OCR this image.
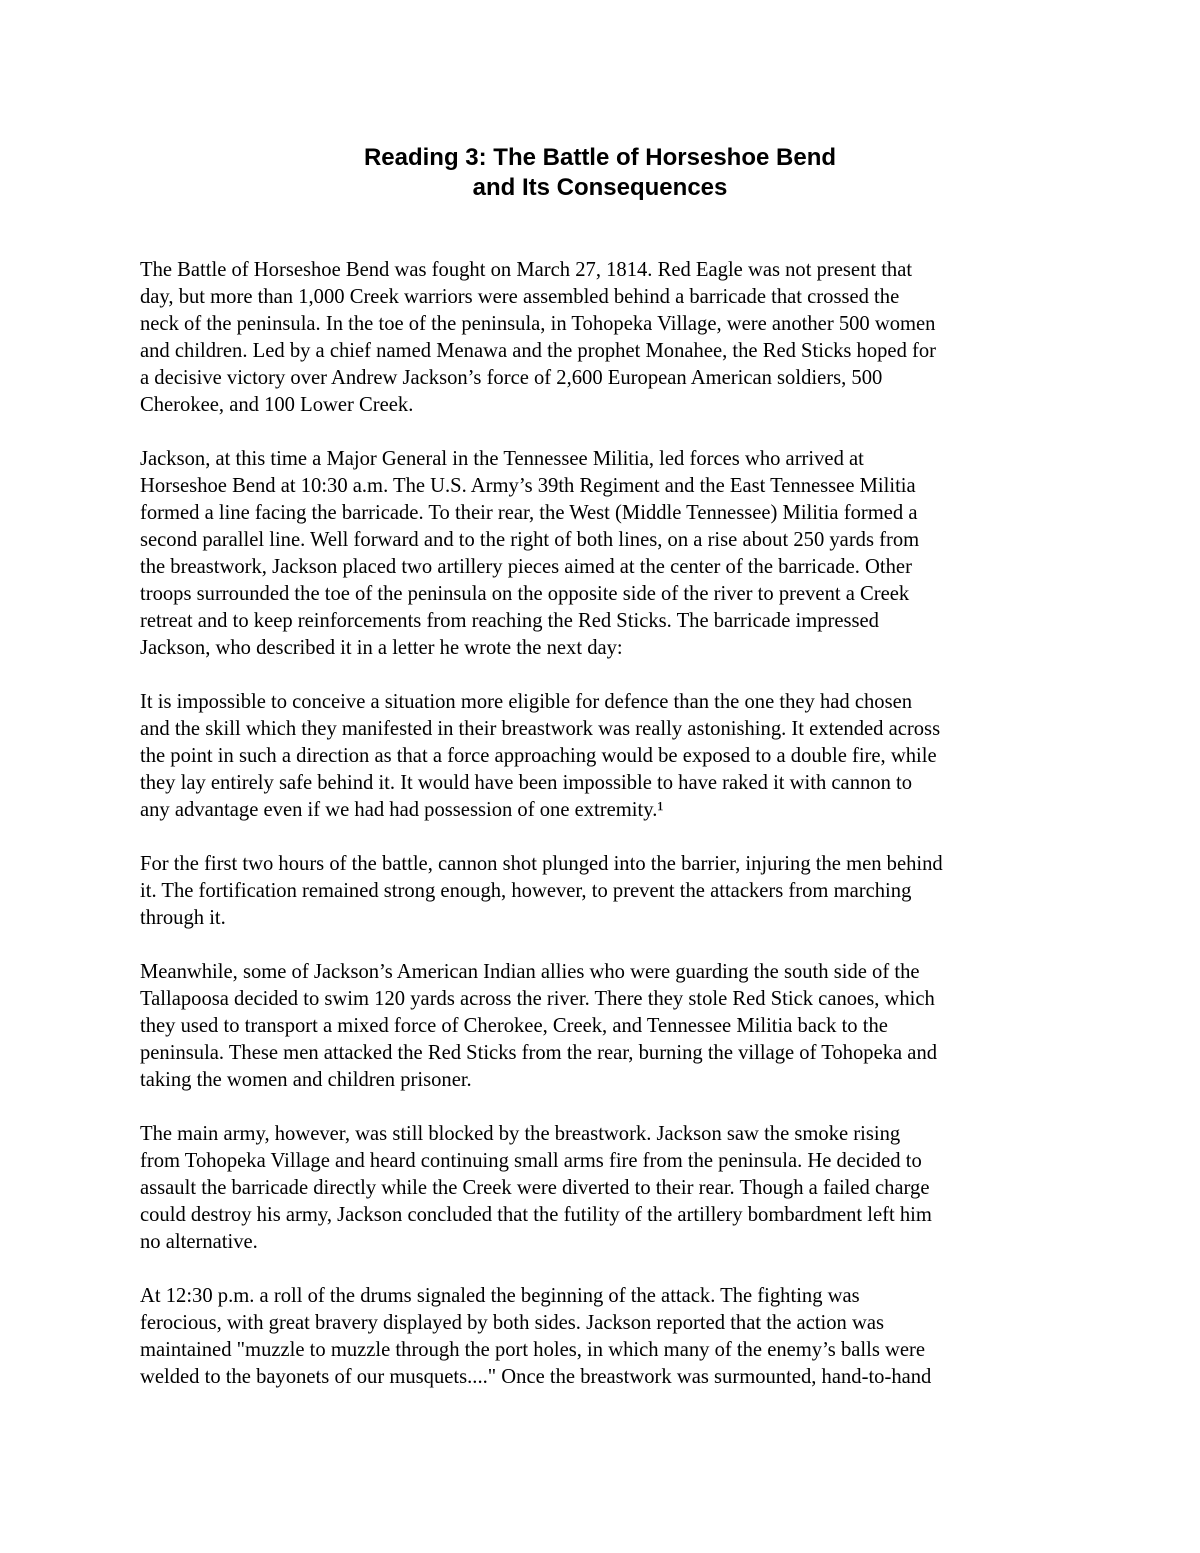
Reading 3: The Battle of Horseshoe Bend
and Its Consequences
The Battle of Horseshoe Bend was fought on March 27, 1814. Red Eagle was not present that
day, but more than 1,000 Creek warriors were assembled behind a barricade that crossed the
neck of the peninsula. In the toe of the peninsula, in Tohopeka Village, were another 500 women
and children. Led by a chief named Menawa and the prophet Monahee, the Red Sticks hoped for
a decisive victory over Andrew Jackson’s force of 2,600 European American soldiers, 500
Cherokee, and 100 Lower Creek.
Jackson, at this time a Major General in the Tennessee Militia, led forces who arrived at
Horseshoe Bend at 10:30 a.m. The U.S. Army’s 39th Regiment and the East Tennessee Militia
formed a line facing the barricade. To their rear, the West (Middle Tennessee) Militia formed a
second parallel line. Well forward and to the right of both lines, on a rise about 250 yards from
the breastwork, Jackson placed two artillery pieces aimed at the center of the barricade. Other
troops surrounded the toe of the peninsula on the opposite side of the river to prevent a Creek
retreat and to keep reinforcements from reaching the Red Sticks. The barricade impressed
Jackson, who described it in a letter he wrote the next day:
It is impossible to conceive a situation more eligible for defence than the one they had chosen
and the skill which they manifested in their breastwork was really astonishing. It extended across
the point in such a direction as that a force approaching would be exposed to a double fire, while
they lay entirely safe behind it. It would have been impossible to have raked it with cannon to
any advantage even if we had had possession of one extremity.¹
For the first two hours of the battle, cannon shot plunged into the barrier, injuring the men behind
it. The fortification remained strong enough, however, to prevent the attackers from marching
through it.
Meanwhile, some of Jackson’s American Indian allies who were guarding the south side of the
Tallapoosa decided to swim 120 yards across the river. There they stole Red Stick canoes, which
they used to transport a mixed force of Cherokee, Creek, and Tennessee Militia back to the
peninsula. These men attacked the Red Sticks from the rear, burning the village of Tohopeka and
taking the women and children prisoner.
The main army, however, was still blocked by the breastwork. Jackson saw the smoke rising
from Tohopeka Village and heard continuing small arms fire from the peninsula. He decided to
assault the barricade directly while the Creek were diverted to their rear. Though a failed charge
could destroy his army, Jackson concluded that the futility of the artillery bombardment left him
no alternative.
At 12:30 p.m. a roll of the drums signaled the beginning of the attack. The fighting was
ferocious, with great bravery displayed by both sides. Jackson reported that the action was
maintained "muzzle to muzzle through the port holes, in which many of the enemy’s balls were
welded to the bayonets of our musquets...." Once the breastwork was surmounted, hand-to-hand
